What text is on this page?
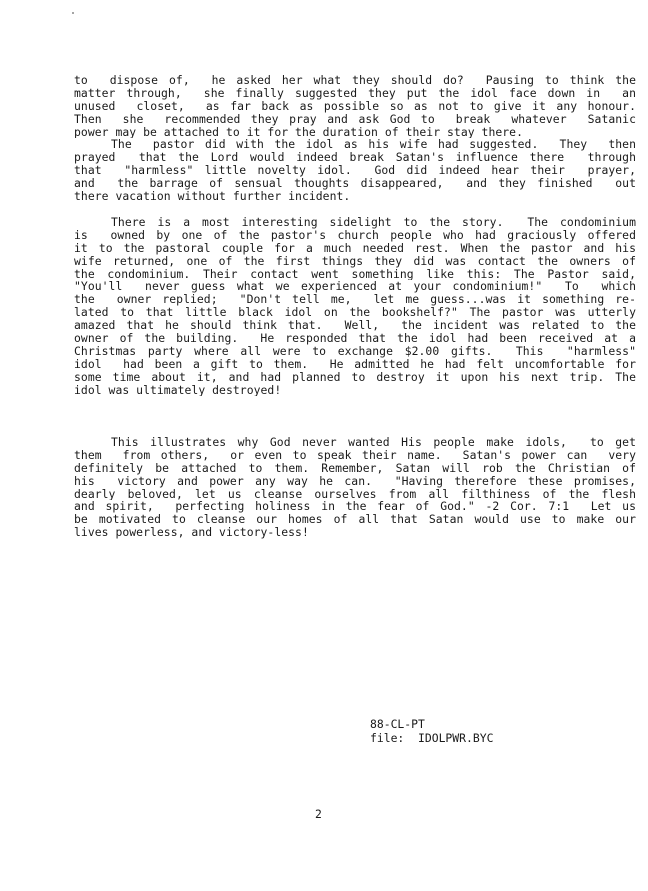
to  dispose of,  he asked her what they should do?  Pausing to think the
matter through,  she finally suggested they put the idol face down in  an
unused  closet,  as far back as possible so as not to give it any honour.
Then  she  recommended they pray and ask God to  break  whatever  Satanic
power may be attached to it for the duration of their stay there.
The  pastor did with the idol as his wife had suggested.  They  then
prayed  that the Lord would indeed break Satan's influence there  through
that  "harmless" little novelty idol.  God did indeed hear their  prayer,
and  the barrage of sensual thoughts disappeared,  and they finished  out
there vacation without further incident.
There is a most interesting sidelight to the story.  The condominium
is  owned by one of the pastor's church people who had graciously offered
it to the pastoral couple for a much needed rest. When the pastor and his
wife returned, one of the first things they did was contact the owners of
the condominium. Their contact went something like this: The Pastor said,
"You'll  never guess what we experienced at your condominium!"  To  which
the  owner replied;  "Don't tell me,  let me guess...was it something re-
lated to that little black idol on the bookshelf?" The pastor was utterly
amazed that he should think that.  Well,  the incident was related to the
owner of the building.  He responded that the idol had been received at a
Christmas party where all were to exchange $2.00 gifts.  This  "harmless"
idol  had been a gift to them.  He admitted he had felt uncomfortable for
some time about it, and had planned to destroy it upon his next trip. The
idol was ultimately destroyed!
This illustrates why God never wanted His people make idols,  to get
them  from others,  or even to speak their name.  Satan's power can  very
definitely be attached to them. Remember, Satan will rob the Christian of
his  victory and power any way he can.  "Having therefore these promises,
dearly beloved, let us cleanse ourselves from all filthiness of the flesh
and spirit,  perfecting holiness in the fear of God." -2 Cor. 7:1  Let us
be motivated to cleanse our homes of all that Satan would use to make our
lives powerless, and victory-less!
88-CL-PT
file:  IDOLPWR.BYC
2
